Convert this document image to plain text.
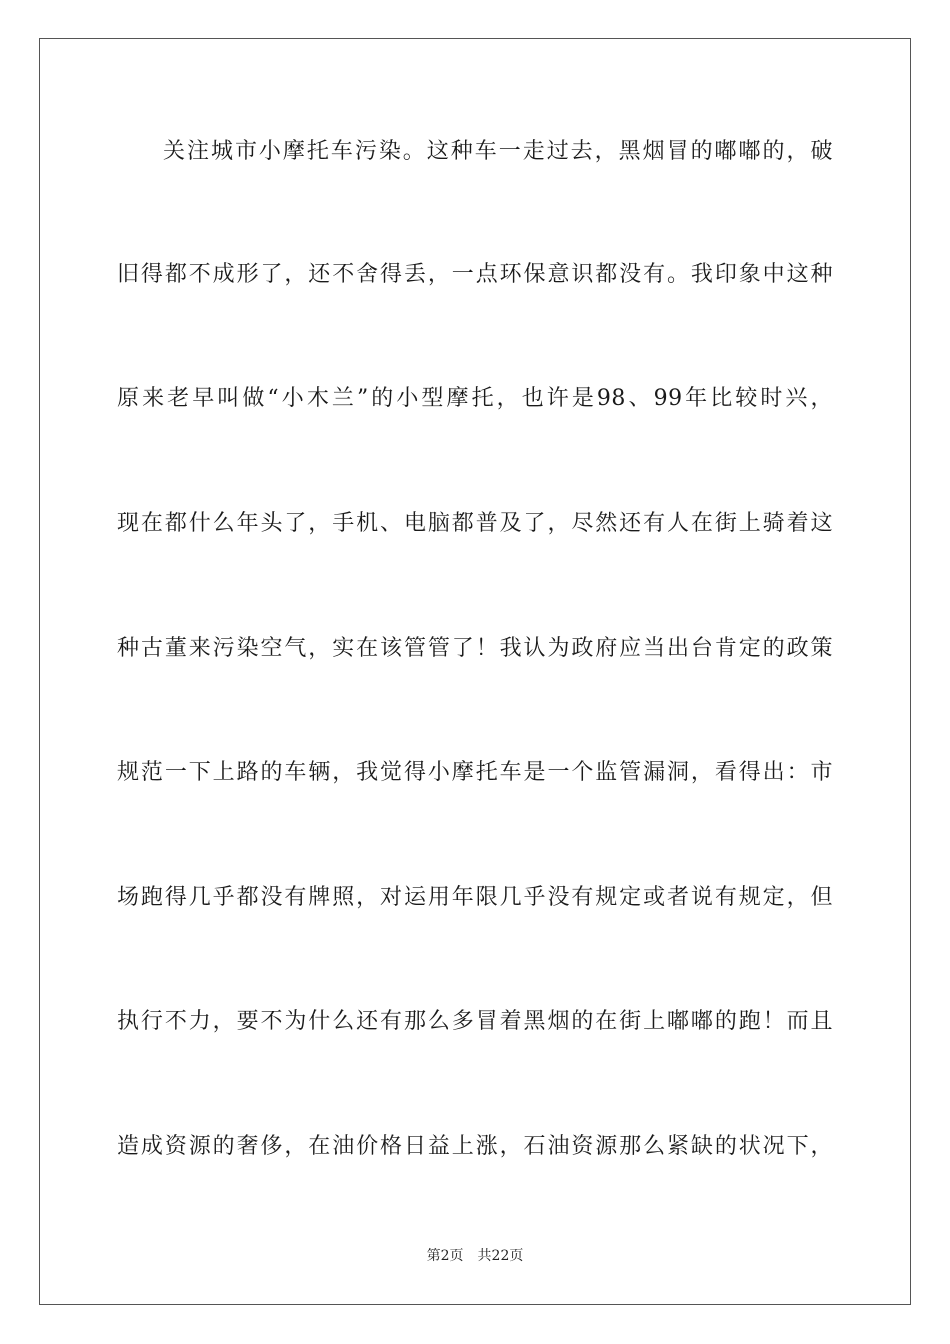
关注城市小摩托车污染。这种车一走过去，黑烟冒的嘟嘟的，破
旧得都不成形了，还不舍得丢，一点环保意识都没有。我印象中这种
原来老早叫做“小木兰”的小型摩托，也许是98、99年比较时兴，
现在都什么年头了，手机、电脑都普及了，尽然还有人在街上骑着这
种古董来污染空气，实在该管管了！我认为政府应当出台肯定的政策
规范一下上路的车辆，我觉得小摩托车是一个监管漏洞，看得出：市
场跑得几乎都没有牌照，对运用年限几乎没有规定或者说有规定，但
执行不力，要不为什么还有那么多冒着黑烟的在街上嘟嘟的跑！而且
造成资源的奢侈，在油价格日益上涨，石油资源那么紧缺的状况下，
第2页 共22页
